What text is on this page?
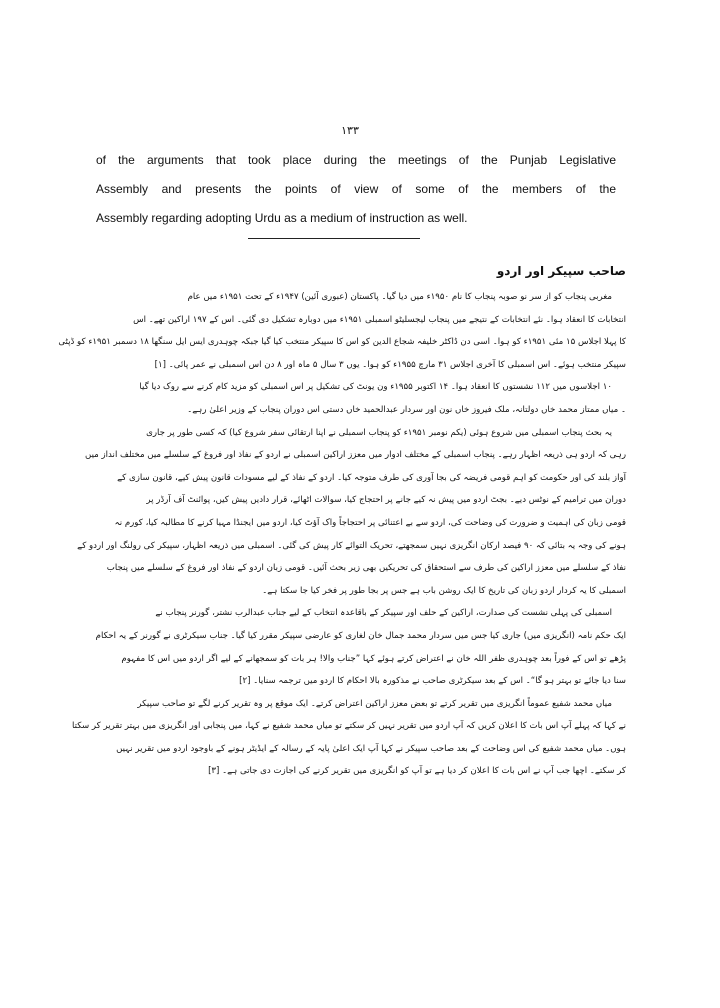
۱۳۳
of the arguments that took place during the meetings of the Punjab Legislative
Assembly and presents the points of view of some of the members of the
Assembly regarding adopting Urdu as a medium of instruction as well.
صاحب سپیکر اور اردو
مغربی پنجاب کو از سر نو صوبہ پنجاب کا نام ۱۹۵۰ء میں دیا گیا۔ پاکستان (عبوری آئین) ۱۹۴۷ء کے تحت ۱۹۵۱ء میں عام
انتخابات کا انعقاد ہوا۔ نئے انتخابات کے نتیجے میں پنجاب لیجسلیٹو اسمبلی ۱۹۵۱ء میں دوبارہ تشکیل دی گئی۔ اس کے ۱۹۷ اراکین تھے۔ اس
کا پہلا اجلاس ۱۵ مئی ۱۹۵۱ء کو ہوا۔ اسی دن ڈاکٹر خلیفہ شجاع الدین کو اس کا سپیکر منتخب کیا گیا جبکہ چوہدری ایس ایل سنگھا ۱۸ دسمبر ۱۹۵۱ء کو ڈپٹی
سپیکر منتخب ہوئے۔ اس اسمبلی کا آخری اجلاس ۳۱ مارچ ۱۹۵۵ء کو ہوا۔ یوں ۳ سال ۵ ماہ اور ۸ دن اس اسمبلی نے عمر پائی۔ [۱]
۱۰ اجلاسوں میں ۱۱۲ نشستوں کا انعقاد ہوا۔ ۱۴ اکتوبر ۱۹۵۵ء ون یونٹ کی تشکیل پر اس اسمبلی کو مزید کام کرنے سے روک دیا گیا
۔ میاں ممتاز محمد خاں دولتانہ، ملک فیروز خاں نون اور سردار عبدالحمید خاں دستی اس دوران پنجاب کے وزیر اعلیٰ رہے۔
یہ بحث پنجاب اسمبلی میں شروع ہوئی (یکم نومبر ۱۹۵۱ء کو پنجاب اسمبلی نے اپنا ارتقائی سفر شروع کیا) کہ کسی طور پر جاری
رہی کہ اردو ہی ذریعہ اظہار رہے۔ پنجاب اسمبلی کے مختلف ادوار میں معزز اراکین اسمبلی نے اردو کے نفاذ اور فروغ کے سلسلے میں مختلف انداز میں
آواز بلند کی اور حکومت کو اہم قومی فریضہ کی بجا آوری کی طرف متوجہ کیا۔ اردو کے نفاذ کے لیے مسودات قانون پیش کیے، قانون سازی کے
دوران میں ترامیم کے نوٹس دیے۔ بجٹ اردو میں پیش نہ کیے جانے پر احتجاج کیا، سوالات اٹھائے، قرار دادیں پیش کیں، پوائنٹ آف آرڈر پر
قومی زبان کی اہمیت و ضرورت کی وضاحت کی، اردو سے بے اعتنائی پر احتجاجاً واک آؤٹ کیا، اردو میں ایجنڈا مہیا کرنے کا مطالبہ کیا، کورم نہ
ہونے کی وجہ یہ بتائی کہ ۹۰ فیصد ارکان انگریزی نہیں سمجھتے، تحریک التوائے کار پیش کی گئی۔ اسمبلی میں ذریعہ اظہار، سپیکر کی رولنگ اور اردو کے
نفاذ کے سلسلے میں معزز اراکین کی طرف سے استحقاق کی تحریکیں بھی زیر بحث آئیں۔ قومی زبان اردو کے نفاذ اور فروغ کے سلسلے میں پنجاب
اسمبلی کا یہ کردار اردو زبان کی تاریخ کا ایک روشن باب ہے جس پر بجا طور پر فخر کیا جا سکتا ہے۔
اسمبلی کی پہلی نشست کی صدارت، اراکین کے حلف اور سپیکر کے باقاعدہ انتخاب کے لیے جناب عبدالرب نشتر، گورنر پنجاب نے
ایک حکم نامہ (انگریزی میں) جاری کیا جس میں سردار محمد جمال خان لغاری کو عارضی سپیکر مقرر کیا گیا۔ جناب سیکرٹری نے گورنر کے یہ احکام
پڑھے تو اس کے فوراً بعد چوہدری ظفر اللہ خان نے اعتراض کرتے ہوئے کہا ”جناب والا! ہر بات کو سمجھانے کے لیے اگر اردو میں اس کا مفہوم
سنا دیا جائے تو بہتر ہو گا“۔ اس کے بعد سیکرٹری صاحب نے مذکورہ بالا احکام کا اردو میں ترجمہ سنایا۔ [۲]
میاں محمد شفیع عموماً انگریزی میں تقریر کرتے تو بعض معزز اراکین اعتراض کرتے۔ ایک موقع پر وہ تقریر کرنے لگے تو صاحب سپیکر
نے کہا کہ پہلے آپ اس بات کا اعلان کریں کہ آپ اردو میں تقریر نہیں کر سکتے تو میاں محمد شفیع نے کہا، میں پنجابی اور انگریزی میں بہتر تقریر کر سکتا
ہوں۔ میاں محمد شفیع کی اس وضاحت کے بعد صاحب سپیکر نے کہا آپ ایک اعلیٰ پایہ کے رسالہ کے ایڈیٹر ہونے کے باوجود اردو میں تقریر نہیں
کر سکتے۔ اچھا جب آپ نے اس بات کا اعلان کر دیا ہے تو آپ کو انگریزی میں تقریر کرنے کی اجازت دی جاتی ہے۔ [۳]
